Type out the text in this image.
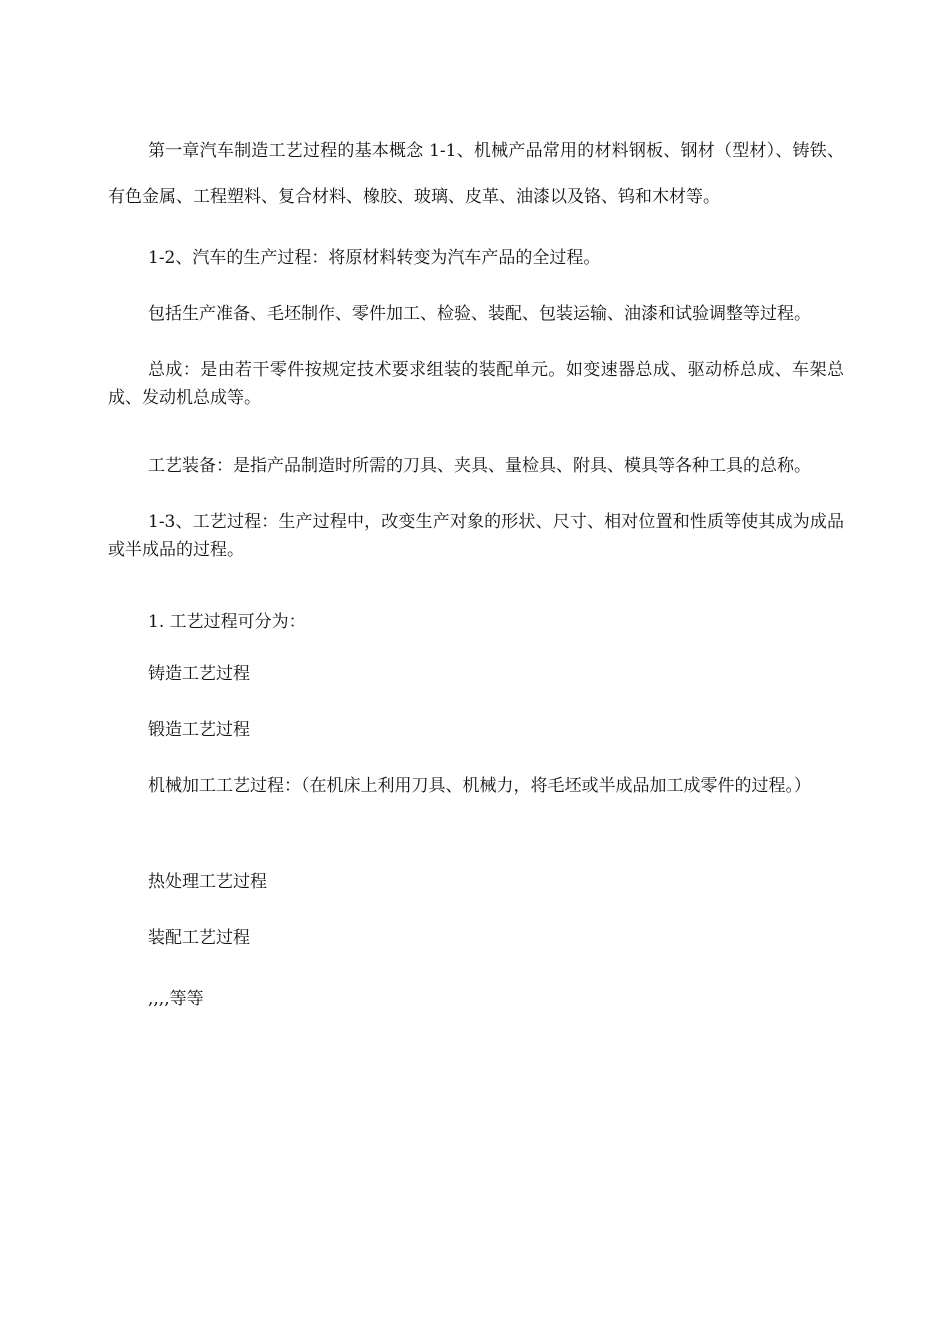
第一章汽车制造工艺过程的基本概念 1-1、机械产品常用的材料钢板、钢材（型材）、铸铁、有色金属、工程塑料、复合材料、橡胶、玻璃、皮革、油漆以及铬、钨和木材等。

1-2、汽车的生产过程：将原材料转变为汽车产品的全过程。

包括生产准备、毛坯制作、零件加工、检验、装配、包装运输、油漆和试验调整等过程。

总成：是由若干零件按规定技术要求组装的装配单元。如变速器总成、驱动桥总成、车架总成、发动机总成等。

工艺装备：是指产品制造时所需的刀具、夹具、量检具、附具、模具等各种工具的总称。

1-3、工艺过程：生产过程中，改变生产对象的形状、尺寸、相对位置和性质等使其成为成品或半成品的过程。

1. 工艺过程可分为：

铸造工艺过程

锻造工艺过程

机械加工工艺过程：（在机床上利用刀具、机械力，将毛坯或半成品加工成零件的过程。）

热处理工艺过程

装配工艺过程

,,,,等等
